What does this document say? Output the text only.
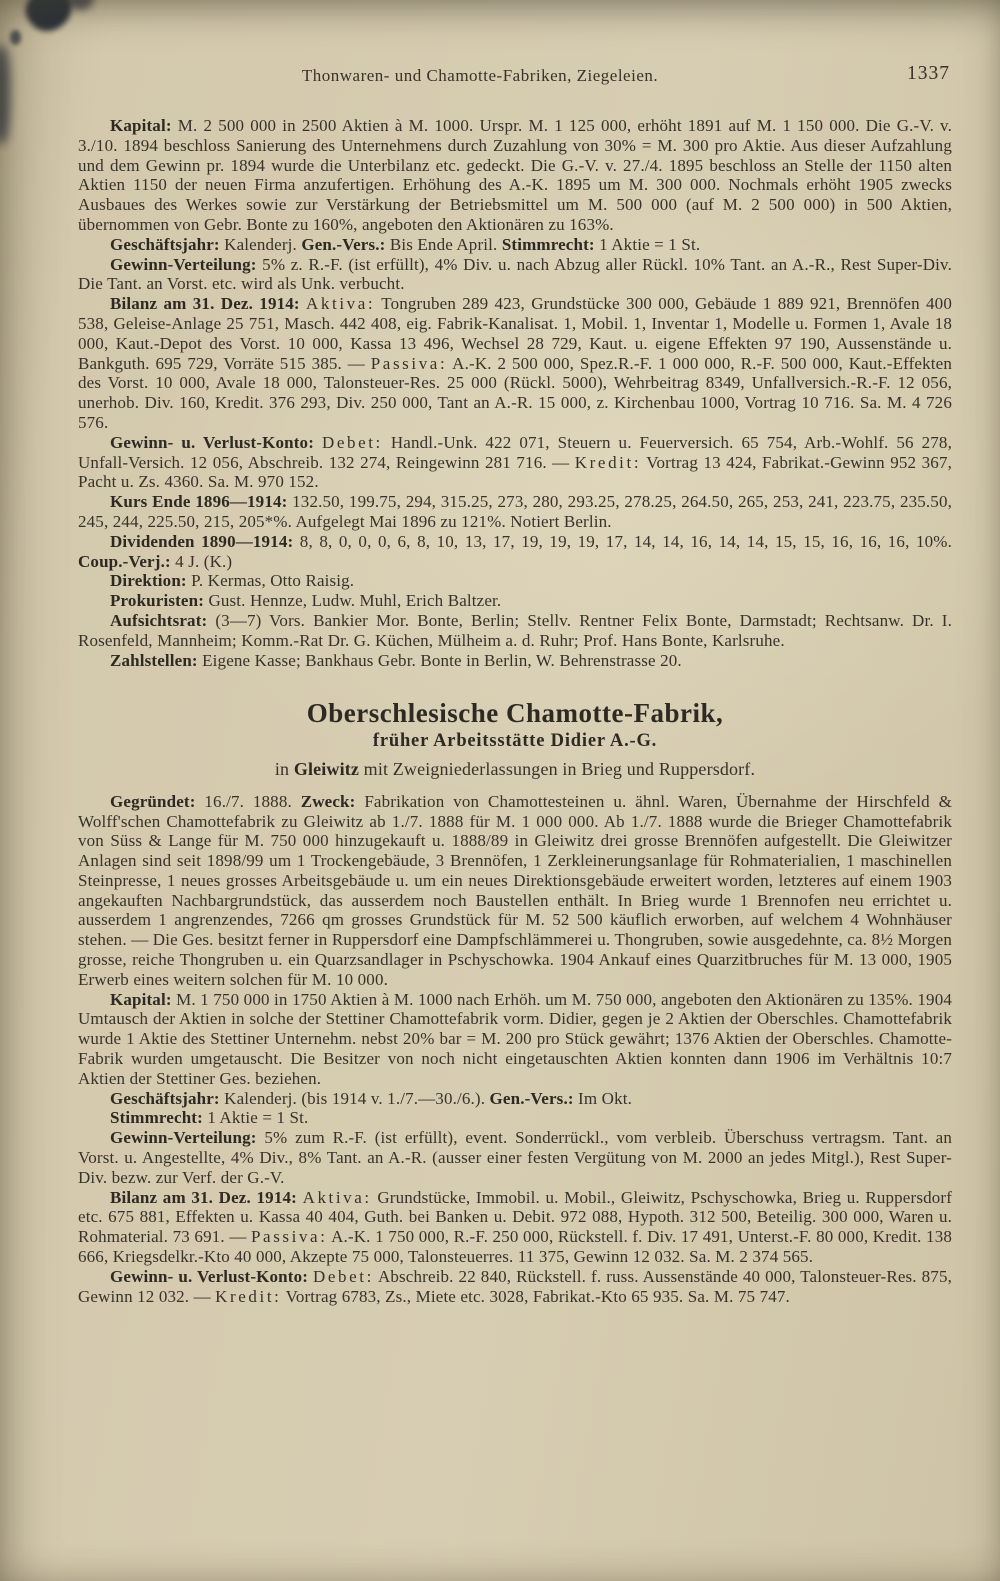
Thonwaren- und Chamotte-Fabriken, Ziegeleien.	1337

Kapital: M. 2 500 000 in 2500 Aktien à M. 1000. Urspr. M. 1 125 000, erhöht 1891 auf M. 1 150 000. Die G.-V. v. 3./10. 1894 beschloss Sanierung des Unternehmens durch Zuzahlung von 30% = M. 300 pro Aktie. Aus dieser Aufzahlung und dem Gewinn pr. 1894 wurde die Unterbilanz etc. gedeckt. Die G.-V. v. 27./4. 1895 beschloss an Stelle der 1150 alten Aktien 1150 der neuen Firma anzufertigen. Erhöhung des A.-K. 1895 um M. 300 000. Nochmals erhöht 1905 zwecks Ausbaues des Werkes sowie zur Verstärkung der Betriebsmittel um M. 500 000 (auf M. 2 500 000) in 500 Aktien, übernommen von Gebr. Bonte zu 160%, angeboten den Aktionären zu 163%.

Geschäftsjahr: Kalenderj. Gen.-Vers.: Bis Ende April. Stimmrecht: 1 Aktie = 1 St.

Gewinn-Verteilung: 5% z. R.-F. (ist erfüllt), 4% Div. u. nach Abzug aller Rückl. 10% Tant. an A.-R., Rest Super-Div. Die Tant. an Vorst. etc. wird als Unk. verbucht.

Bilanz am 31. Dez. 1914: Aktiva: Tongruben 289 423, Grundstücke 300 000, Gebäude 1 889 921, Brennöfen 400 538, Geleise-Anlage 25 751, Masch. 442 408, eig. Fabrik-Kanalisat. 1, Mobil. 1, Inventar 1, Modelle u. Formen 1, Avale 18 000, Kaut.-Depot des Vorst. 10 000, Kassa 13 496, Wechsel 28 729, Kaut. u. eigene Effekten 97 190, Aussenstände u. Bankguth. 695 729, Vorräte 515 385. — Passiva: A.-K. 2 500 000, Spez.R.-F. 1 000 000, R.-F. 500 000, Kaut.-Effekten des Vorst. 10 000, Avale 18 000, Talonsteuer-Res. 25 000 (Rückl. 5000), Wehrbeitrag 8349, Unfallversich.-R.-F. 12 056, unerhob. Div. 160, Kredit. 376 293, Div. 250 000, Tant an A.-R. 15 000, z. Kirchenbau 1000, Vortrag 10 716. Sa. M. 4 726 576.

Gewinn- u. Verlust-Konto: Debet: Handl.-Unk. 422 071, Steuern u. Feuerversich. 65 754, Arb.-Wohlf. 56 278, Unfall-Versich. 12 056, Abschreib. 132 274, Reingewinn 281 716. — Kredit: Vortrag 13 424, Fabrikat.-Gewinn 952 367, Pacht u. Zs. 4360. Sa. M. 970 152.

Kurs Ende 1896—1914: 132.50, 199.75, 294, 315.25, 273, 280, 293.25, 278.25, 264.50, 265, 253, 241, 223.75, 235.50, 245, 244, 225.50, 215, 205*%. Aufgelegt Mai 1896 zu 121%. Notiert Berlin.

Dividenden 1890—1914: 8, 8, 0, 0, 0, 6, 8, 10, 13, 17, 19, 19, 19, 17, 14, 14, 16, 14, 14, 15, 15, 16, 16, 16, 10%. Coup.-Verj.: 4 J. (K.)

Direktion: P. Kermas, Otto Raisig.

Prokuristen: Gust. Hennze, Ludw. Muhl, Erich Baltzer.

Aufsichtsrat: (3—7) Vors. Bankier Mor. Bonte, Berlin; Stellv. Rentner Felix Bonte, Darmstadt; Rechtsanw. Dr. I. Rosenfeld, Mannheim; Komm.-Rat Dr. G. Küchen, Mülheim a. d. Ruhr; Prof. Hans Bonte, Karlsruhe.

Zahlstellen: Eigene Kasse; Bankhaus Gebr. Bonte in Berlin, W. Behrenstrasse 20.

Oberschlesische Chamotte-Fabrik,
früher Arbeitsstätte Didier A.-G.

in Gleiwitz mit Zweigniederlassungen in Brieg und Ruppersdorf.

Gegründet: 16./7. 1888. Zweck: Fabrikation von Chamottesteinen u. ähnl. Waren, Übernahme der Hirschfeld & Wolff'schen Chamottefabrik zu Gleiwitz ab 1./7. 1888 für M. 1 000 000. Ab 1./7. 1888 wurde die Brieger Chamottefabrik von Süss & Lange für M. 750 000 hinzugekauft u. 1888/89 in Gleiwitz drei grosse Brennöfen aufgestellt. Die Gleiwitzer Anlagen sind seit 1898/99 um 1 Trockengebäude, 3 Brennöfen, 1 Zerkleinerungsanlage für Rohmaterialien, 1 maschinellen Steinpresse, 1 neues grosses Arbeitsgebäude u. um ein neues Direktionsgebäude erweitert worden, letzteres auf einem 1903 angekauften Nachbargrundstück, das ausserdem noch Baustellen enthält. In Brieg wurde 1 Brennofen neu errichtet u. ausserdem 1 angrenzendes, 7266 qm grosses Grundstück für M. 52 500 käuflich erworben, auf welchem 4 Wohnhäuser stehen. — Die Ges. besitzt ferner in Ruppersdorf eine Dampfschlämmerei u. Thongruben, sowie ausgedehnte, ca. 8½ Morgen grosse, reiche Thongruben u. ein Quarzsandlager in Pschyschowka. 1904 Ankauf eines Quarzitbruches für M. 13 000, 1905 Erwerb eines weitern solchen für M. 10 000.

Kapital: M. 1 750 000 in 1750 Aktien à M. 1000 nach Erhöh. um M. 750 000, angeboten den Aktionären zu 135%. 1904 Umtausch der Aktien in solche der Stettiner Chamottefabrik vorm. Didier, gegen je 2 Aktien der Oberschles. Chamottefabrik wurde 1 Aktie des Stettiner Unternehm. nebst 20% bar = M. 200 pro Stück gewährt; 1376 Aktien der Oberschles. Chamotte-Fabrik wurden umgetauscht. Die Besitzer von noch nicht eingetauschten Aktien konnten dann 1906 im Verhältnis 10:7 Aktien der Stettiner Ges. beziehen.

Geschäftsjahr: Kalenderj. (bis 1914 v. 1./7.—30./6.). Gen.-Vers.: Im Okt.

Stimmrecht: 1 Aktie = 1 St.

Gewinn-Verteilung: 5% zum R.-F. (ist erfüllt), event. Sonderrückl., vom verbleib. Überschuss vertragsm. Tant. an Vorst. u. Angestellte, 4% Div., 8% Tant. an A.-R. (ausser einer festen Vergütung von M. 2000 an jedes Mitgl.), Rest Super-Div. bezw. zur Verf. der G.-V.

Bilanz am 31. Dez. 1914: Aktiva: Grundstücke, Immobil. u. Mobil., Gleiwitz, Pschyschowka, Brieg u. Ruppersdorf etc. 675 881, Effekten u. Kassa 40 404, Guth. bei Banken u. Debit. 972 088, Hypoth. 312 500, Beteilig. 300 000, Waren u. Rohmaterial. 73 691. — Passiva: A.-K. 1 750 000, R.-F. 250 000, Rückstell. f. Div. 17 491, Unterst.-F. 80 000, Kredit. 138 666, Kriegsdelkr.-Kto 40 000, Akzepte 75 000, Talonsteuerres. 11 375, Gewinn 12 032. Sa. M. 2 374 565.

Gewinn- u. Verlust-Konto: Debet: Abschreib. 22 840, Rückstell. f. russ. Aussenstände 40 000, Talonsteuer-Res. 875, Gewinn 12 032. — Kredit: Vortrag 6783, Zs., Miete etc. 3028, Fabrikat.-Kto 65 935. Sa. M. 75 747.
